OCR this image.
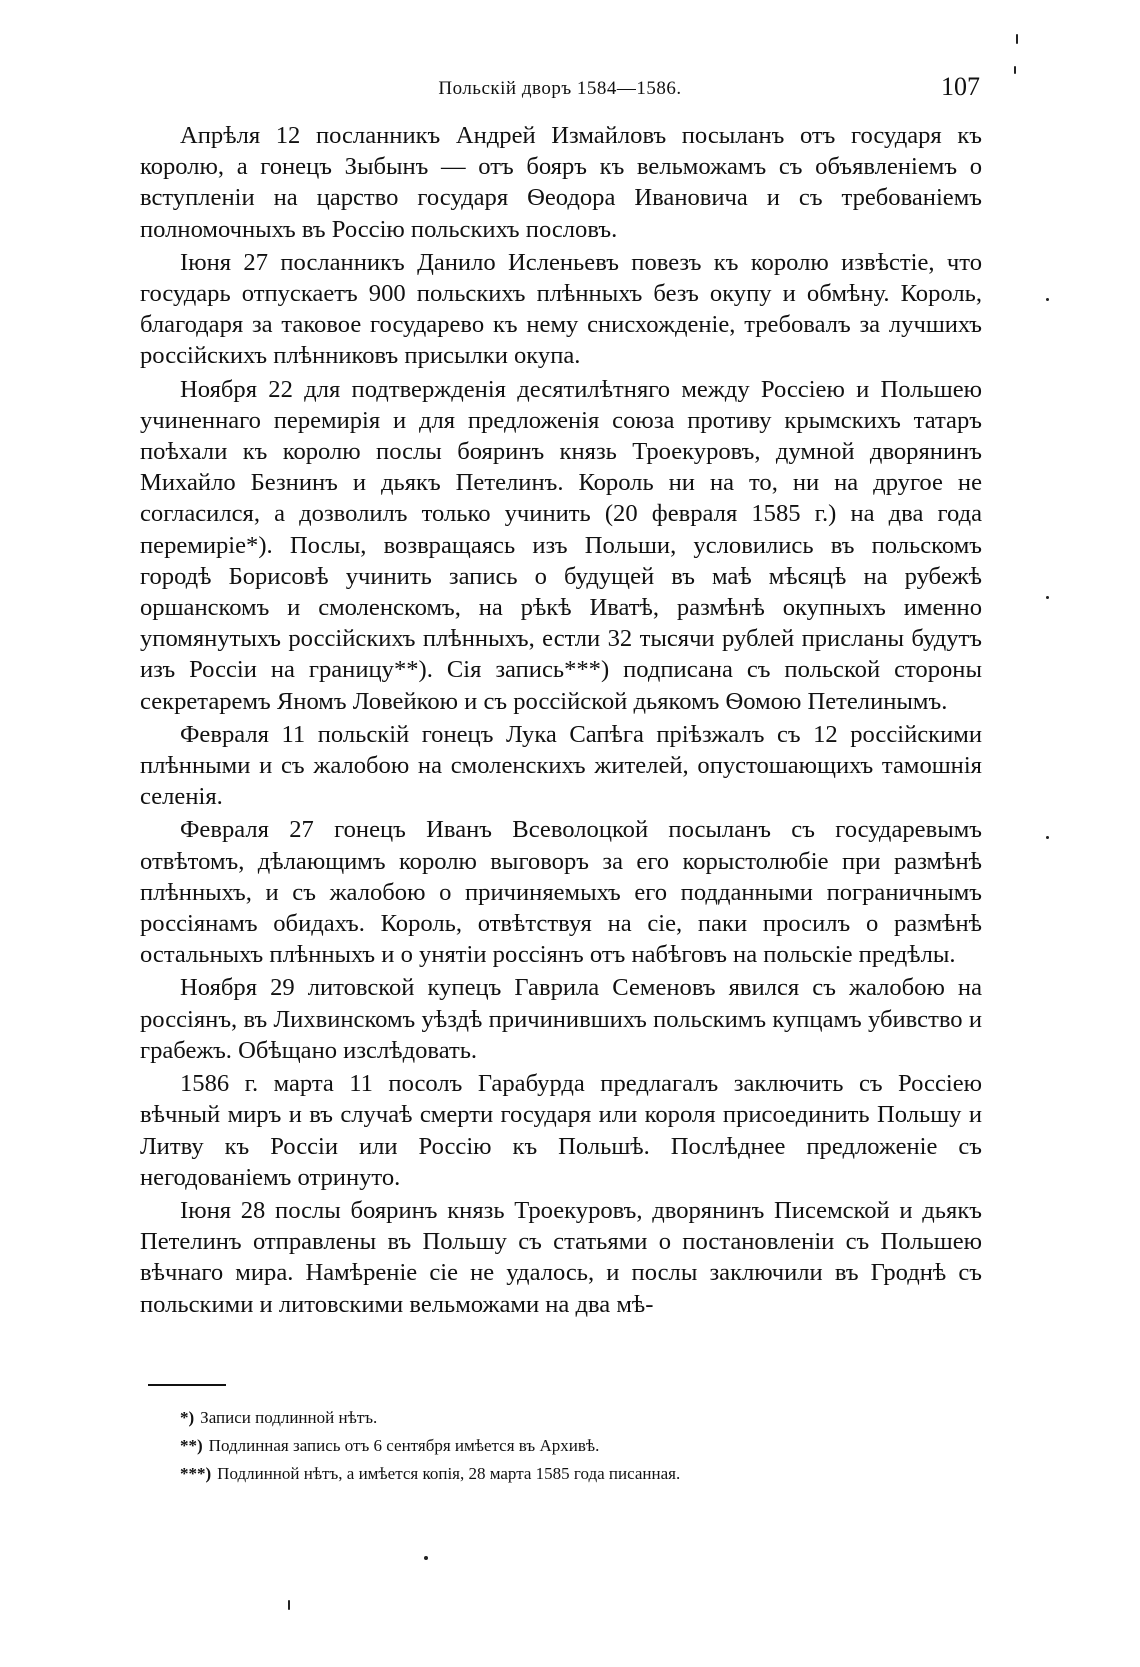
Польскій дворъ 1584—1586.	107

Апрѣля 12 посланникъ Андрей Измайловъ посыланъ отъ государя къ королю, а гонецъ Зыбынъ — отъ бояръ къ вельможамъ съ объявленіемъ о вступленіи на царство государя Ѳеодора Ивановича и съ требованіемъ полномочныхъ въ Россію польскихъ пословъ.

Іюня 27 посланникъ Данило Исленьевъ повезъ къ королю извѣстіе, что государь отпускаетъ 900 польскихъ плѣнныхъ безъ окупу и обмѣну. Король, благодаря за таковое государево къ нему снисхожденіе, требовалъ за лучшихъ россійскихъ плѣнниковъ присылки окупа.

Ноября 22 для подтвержденія десятилѣтняго между Россіею и Польшею учиненнаго перемирія и для предложенія союза противу крымскихъ татаръ поѣхали къ королю послы бояринъ князь Троекуровъ, думной дворянинъ Михайло Безнинъ и дьякъ Петелинъ. Король ни на то, ни на другое не согласился, а дозволилъ только учинить (20 февраля 1585 г.) на два года перемиріе*). Послы, возвращаясь изъ Польши, условились въ польскомъ городѣ Борисовѣ учинить запись о будущей въ маѣ мѣсяцѣ на рубежѣ оршанскомъ и смоленскомъ, на рѣкѣ Иватѣ, размѣнѣ окупныхъ именно упомянутыхъ россійскихъ плѣнныхъ, естли 32 тысячи рублей присланы будутъ изъ Россіи на границу**). Сія запись***) подписана съ польской стороны секретаремъ Яномъ Ловейкою и съ россійской дьякомъ Ѳомою Петелинымъ.

Февраля 11 польскій гонецъ Лука Сапѣга пріѣзжалъ съ 12 россійскими плѣнными и съ жалобою на смоленскихъ жителей, опустошающихъ тамошнія селенія.

Февраля 27 гонецъ Иванъ Всеволоцкой посыланъ съ государевымъ отвѣтомъ, дѣлающимъ королю выговоръ за его корыстолюбіе при размѣнѣ плѣнныхъ, и съ жалобою о причиняемыхъ его подданными пограничнымъ россіянамъ обидахъ. Король, отвѣтствуя на сіе, паки просилъ о размѣнѣ остальныхъ плѣнныхъ и о унятіи россіянъ отъ набѣговъ на польскіе предѣлы.

Ноября 29 литовской купецъ Гаврила Семеновъ явился съ жалобою на россіянъ, въ Лихвинскомъ уѣздѣ причинившихъ польскимъ купцамъ убивство и грабежъ. Обѣщано изслѣдовать.

1586 г. марта 11 посолъ Гарабурда предлагалъ заключить съ Россіею вѣчный миръ и въ случаѣ смерти государя или короля присоединить Польшу и Литву къ Россіи или Россію къ Польшѣ. Послѣднее предложеніе съ негодованіемъ отринуто.

Іюня 28 послы бояринъ князь Троекуровъ, дворянинъ Писемской и дьякъ Петелинъ отправлены въ Польшу съ статьями о постановленіи съ Польшею вѣчнаго мира. Намѣреніе сіе не удалось, и послы заключили въ Гроднѣ съ польскими и литовскими вельможами на два мѣ-

*) Записи подлинной нѣтъ.

**) Подлинная запись отъ 6 сентября имѣется въ Архивѣ.

***) Подлинной нѣтъ, а имѣется копія, 28 марта 1585 года писанная.
